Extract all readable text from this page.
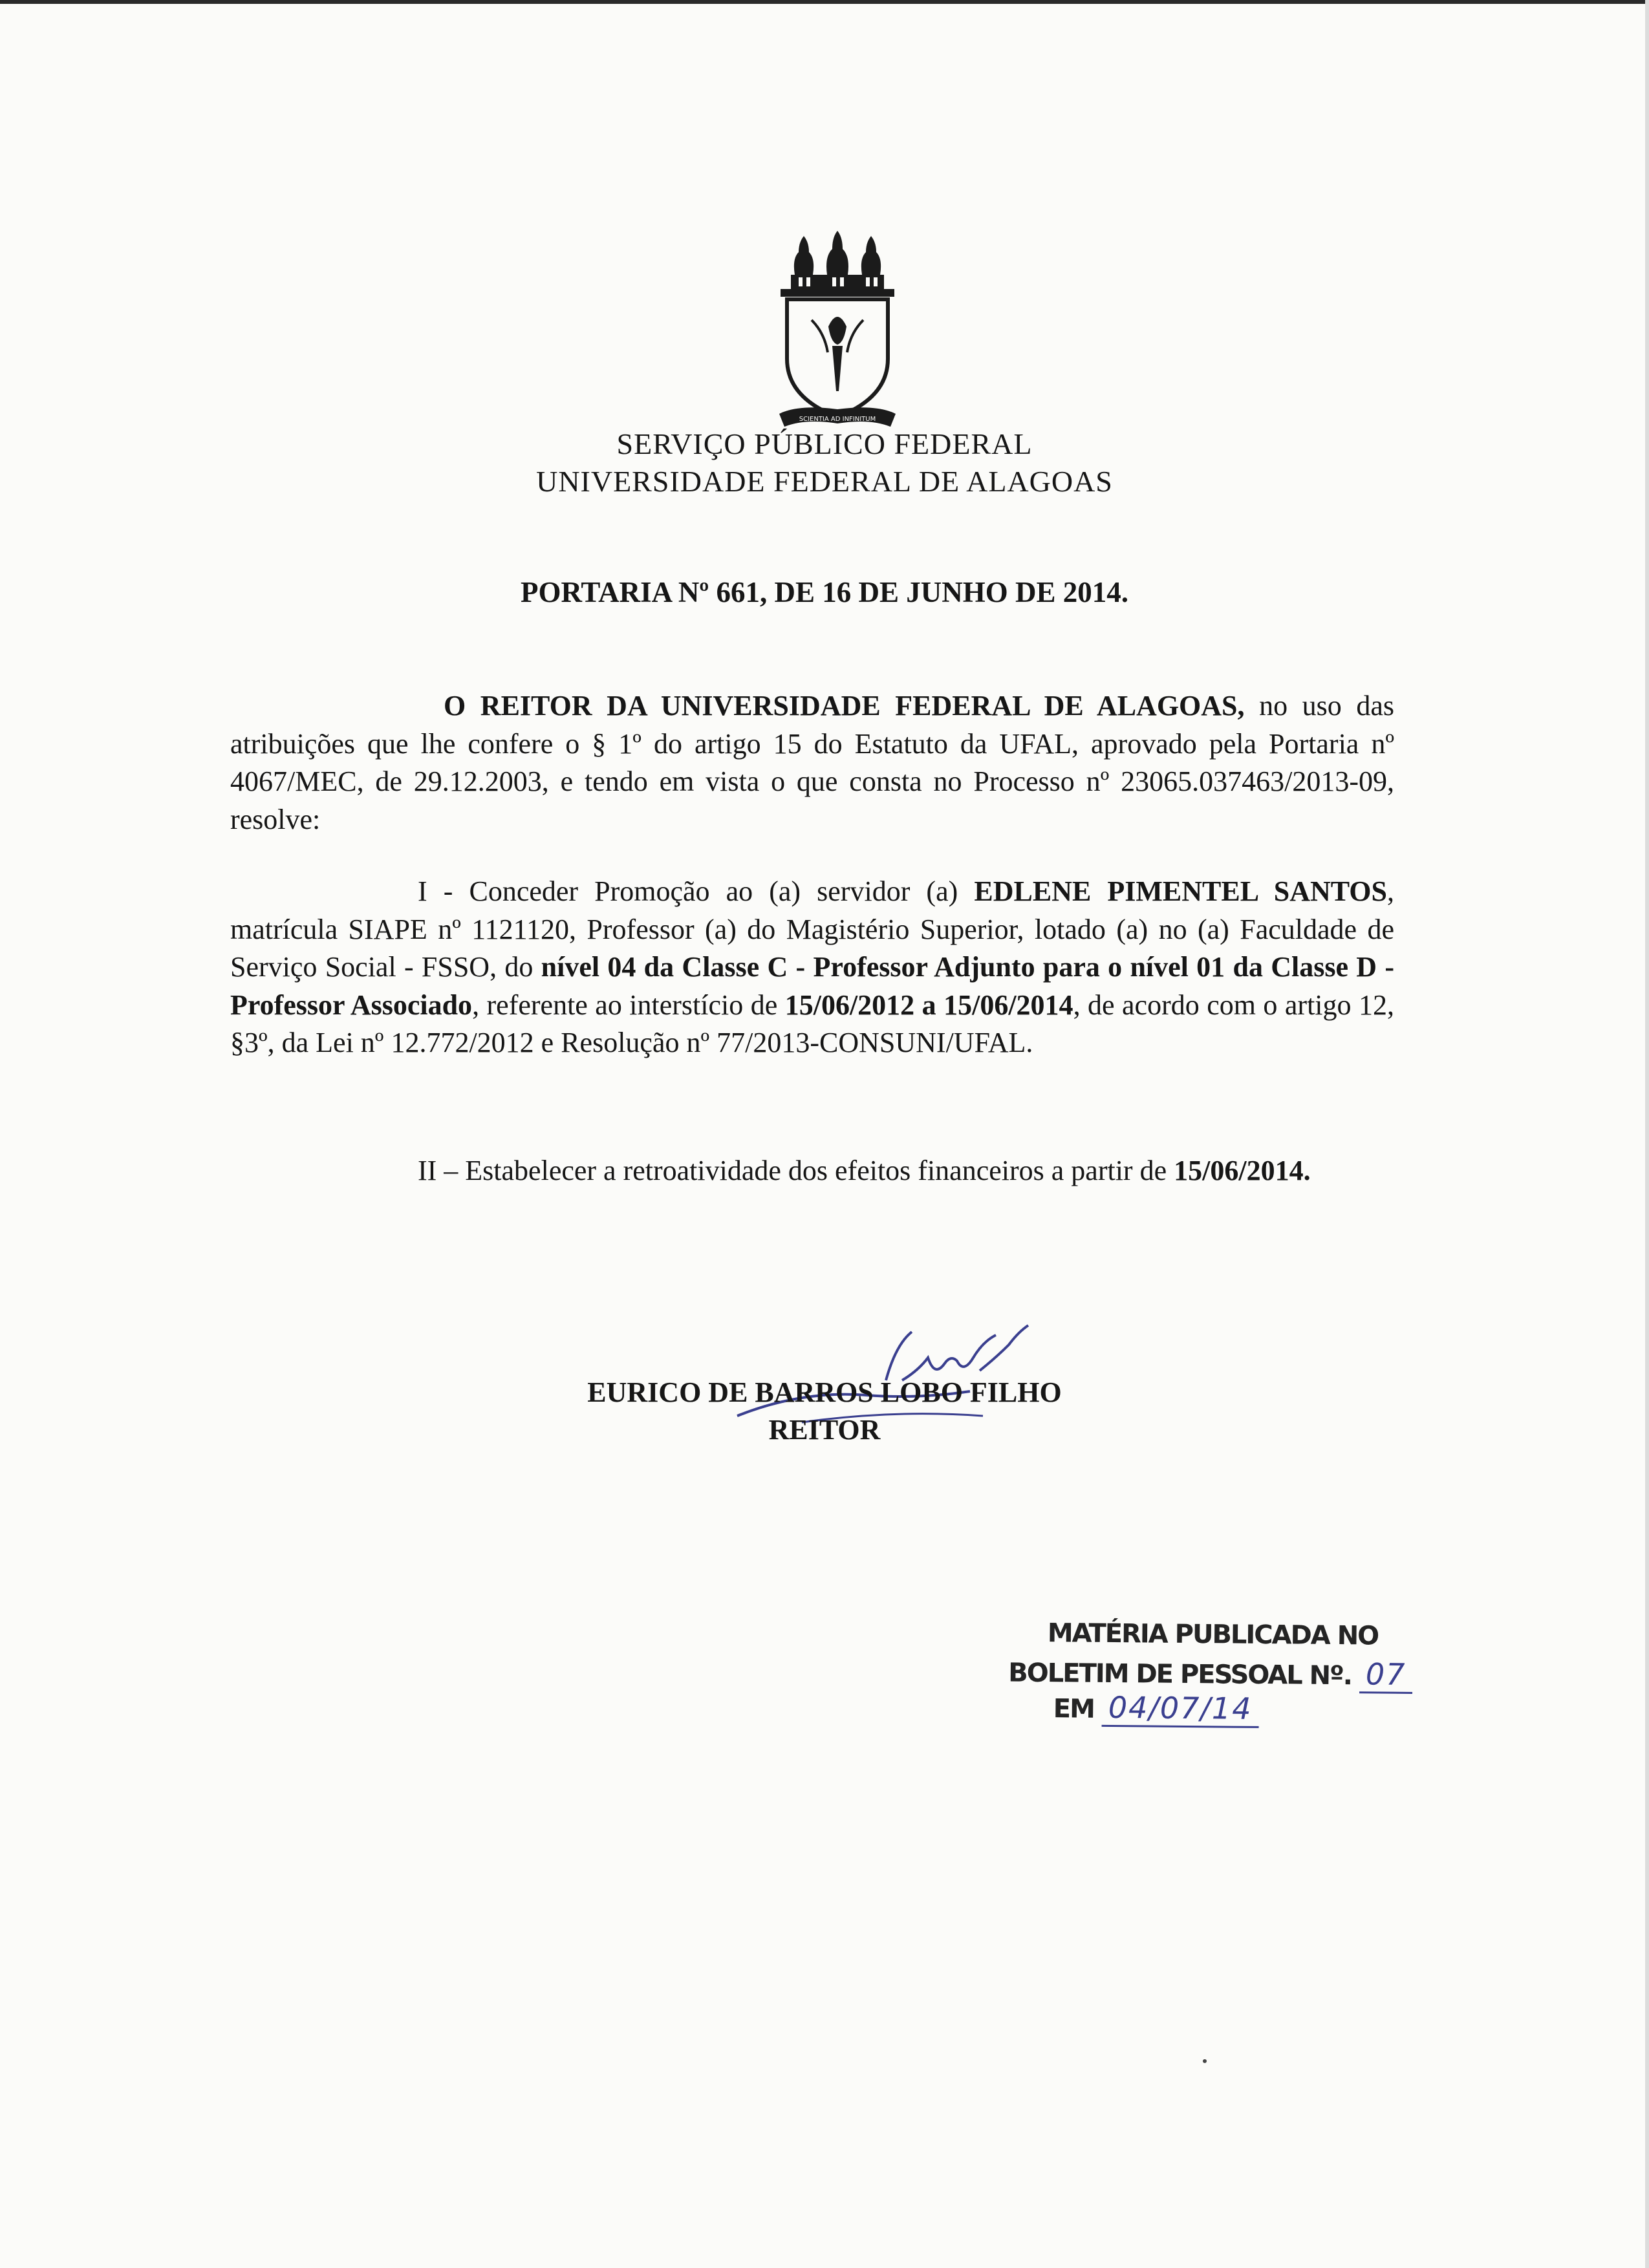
SCIENTIA AD INFINITUM
SERVIÇO PÚBLICO FEDERAL
UNIVERSIDADE FEDERAL DE ALAGOAS
PORTARIA Nº 661, DE 16 DE JUNHO DE 2014.
O REITOR DA UNIVERSIDADE FEDERAL DE ALAGOAS, no uso das atribuições que lhe confere o § 1º do artigo 15 do Estatuto da UFAL, aprovado pela Portaria nº 4067/MEC, de 29.12.2003, e tendo em vista o que consta no Processo nº 23065.037463/2013-09, resolve:
I - Conceder Promoção ao (a) servidor (a) EDLENE PIMENTEL SANTOS, matrícula SIAPE nº 1121120, Professor (a) do Magistério Superior, lotado (a) no (a) Faculdade de Serviço Social - FSSO, do nível 04 da Classe C - Professor Adjunto para o nível 01 da Classe D - Professor Associado, referente ao interstício de 15/06/2012 a 15/06/2014, de acordo com o artigo 12, §3º, da Lei nº 12.772/2012 e Resolução nº 77/2013-CONSUNI/UFAL.
II – Estabelecer a retroatividade dos efeitos financeiros a partir de 15/06/2014.
EURICO DE BARROS LOBO FILHO
REITOR
MATÉRIA PUBLICADA NO
BOLETIM DE PESSOAL Nº. 07
EM 04/07/14
